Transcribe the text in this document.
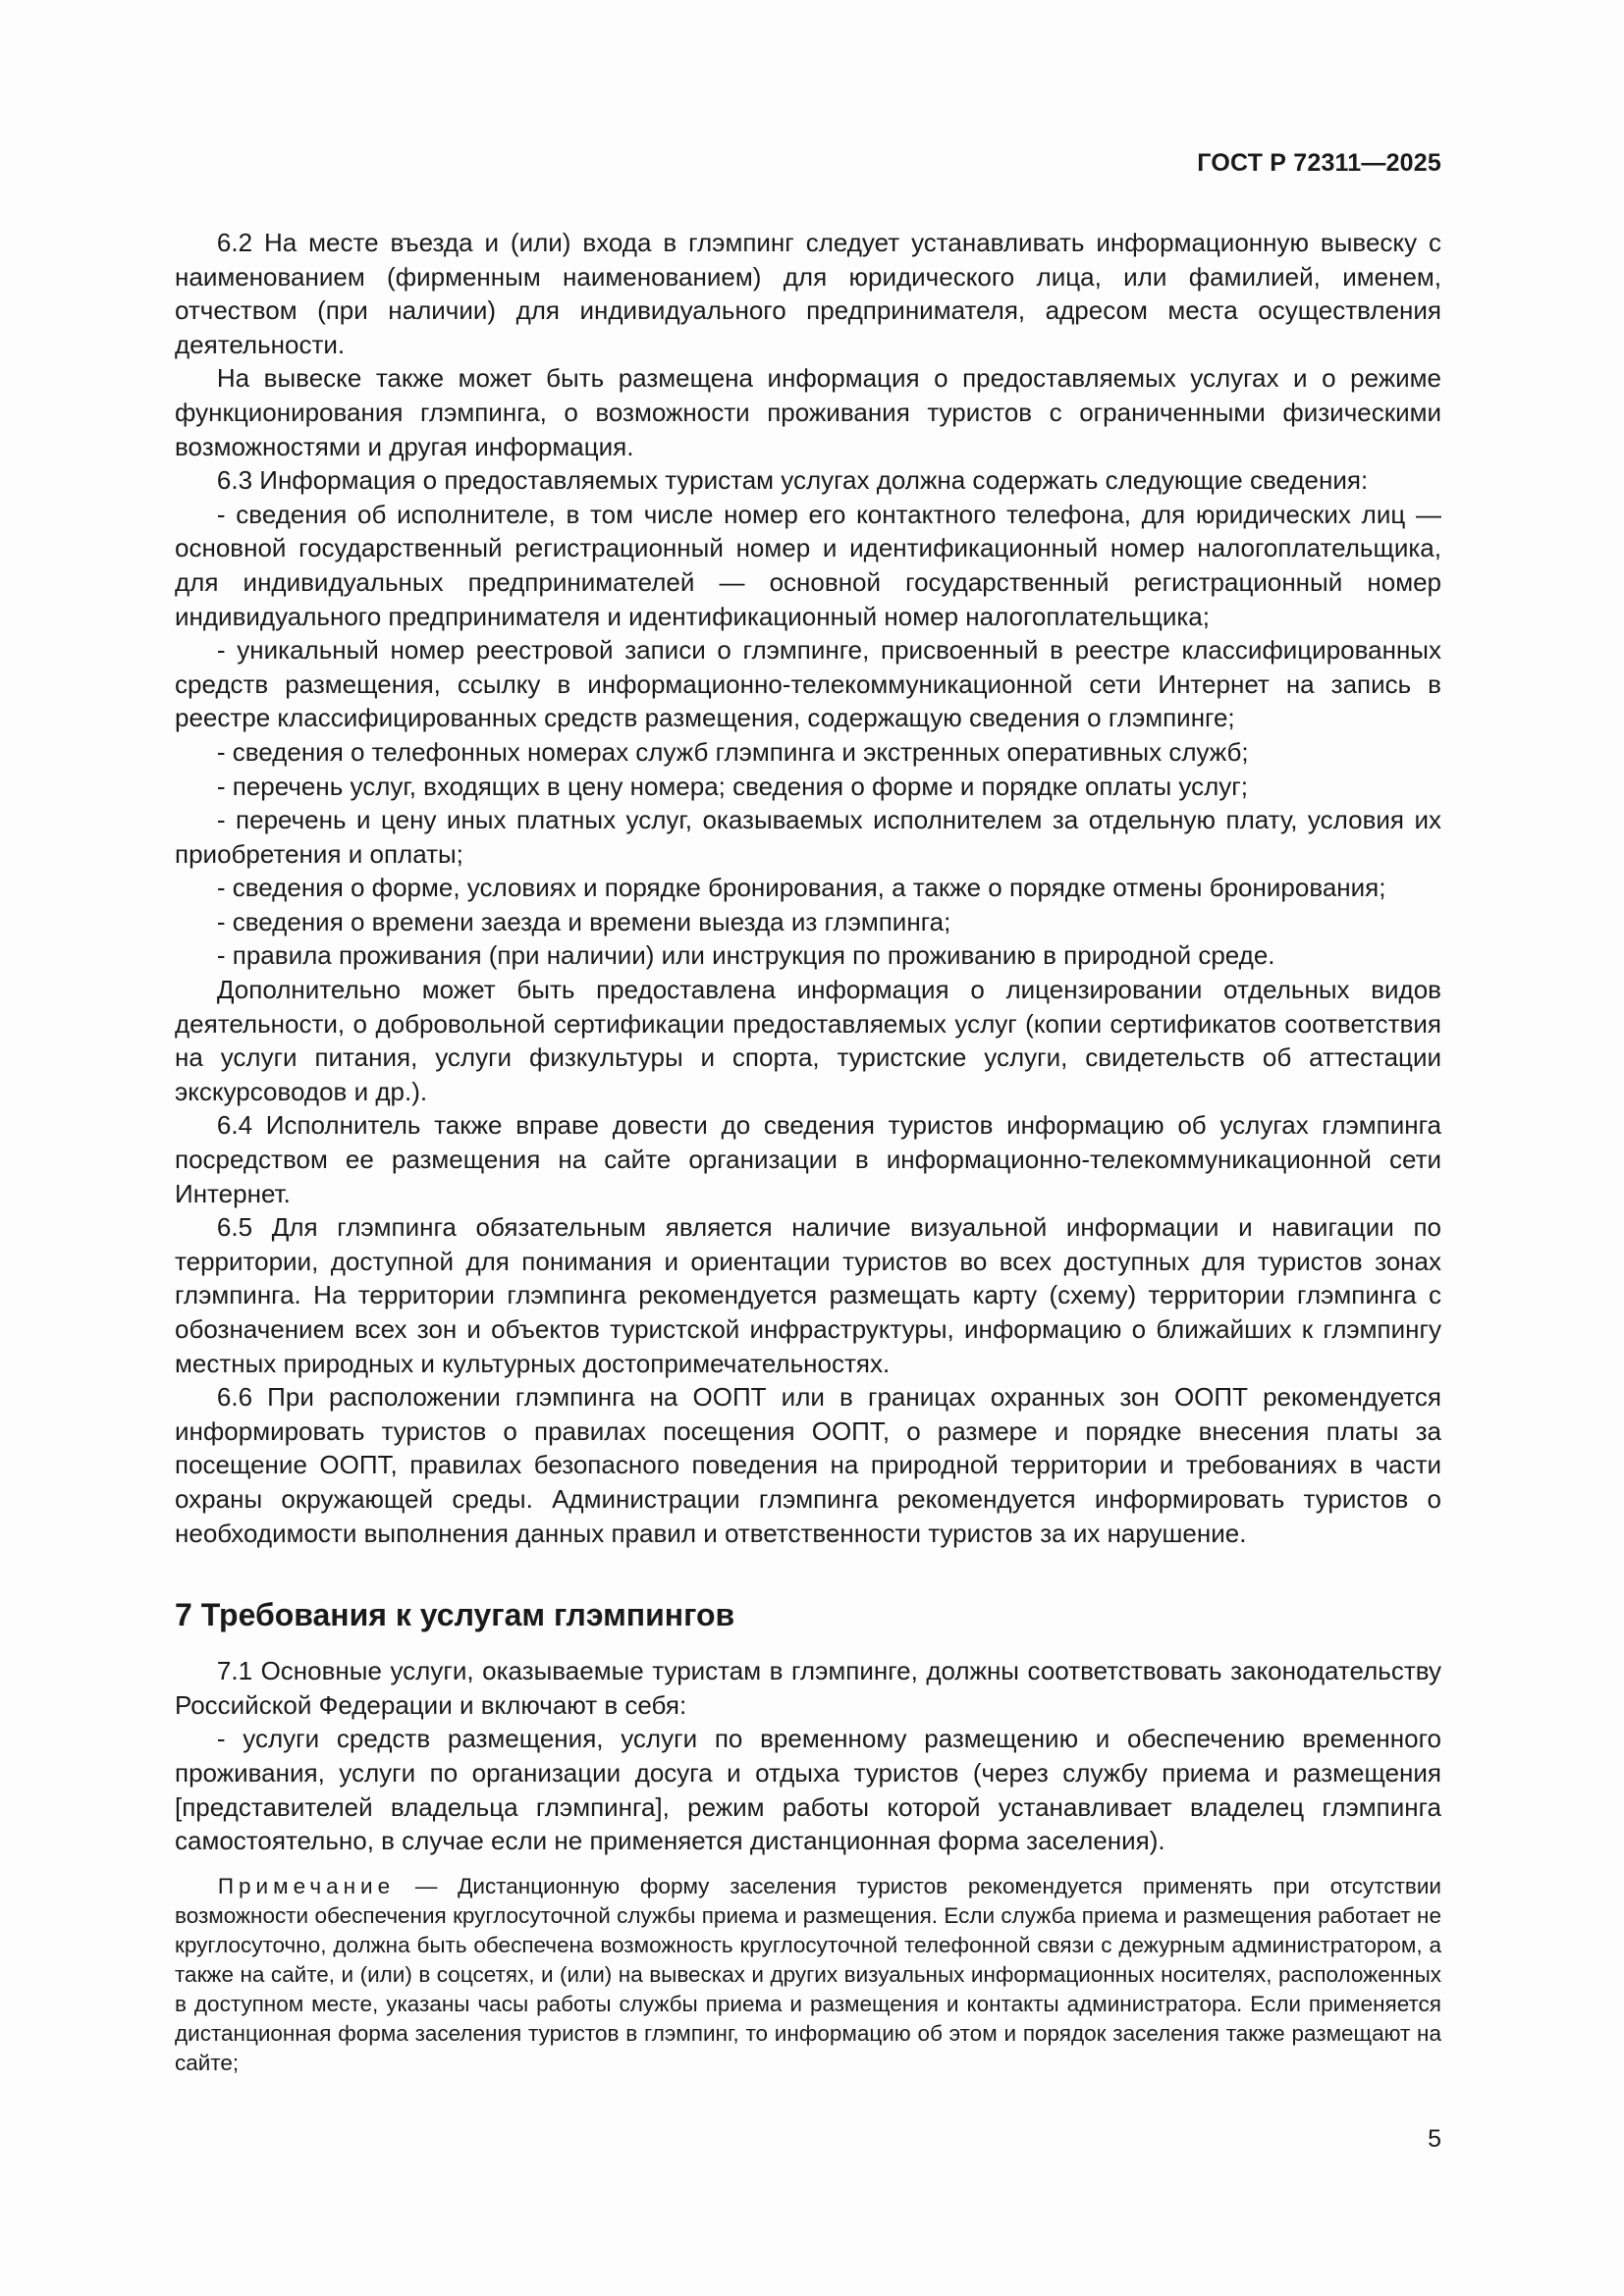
ГОСТ Р 72311—2025

6.2 На месте въезда и (или) входа в глэмпинг следует устанавливать информационную вывеску с наименованием (фирменным наименованием) для юридического лица, или фамилией, именем, отчеством (при наличии) для индивидуального предпринимателя, адресом места осуществления деятельности.

На вывеске также может быть размещена информация о предоставляемых услугах и о режиме функционирования глэмпинга, о возможности проживания туристов с ограниченными физическими возможностями и другая информация.

6.3 Информация о предоставляемых туристам услугах должна содержать следующие сведения:

- сведения об исполнителе, в том числе номер его контактного телефона, для юридических лиц — основной государственный регистрационный номер и идентификационный номер налогоплательщика, для индивидуальных предпринимателей — основной государственный регистрационный номер индивидуального предпринимателя и идентификационный номер налогоплательщика;

- уникальный номер реестровой записи о глэмпинге, присвоенный в реестре классифицированных средств размещения, ссылку в информационно-телекоммуникационной сети Интернет на запись в реестре классифицированных средств размещения, содержащую сведения о глэмпинге;

- сведения о телефонных номерах служб глэмпинга и экстренных оперативных служб;

- перечень услуг, входящих в цену номера; сведения о форме и порядке оплаты услуг;

- перечень и цену иных платных услуг, оказываемых исполнителем за отдельную плату, условия их приобретения и оплаты;

- сведения о форме, условиях и порядке бронирования, а также о порядке отмены бронирования;

- сведения о времени заезда и времени выезда из глэмпинга;

- правила проживания (при наличии) или инструкция по проживанию в природной среде.

Дополнительно может быть предоставлена информация о лицензировании отдельных видов деятельности, о добровольной сертификации предоставляемых услуг (копии сертификатов соответствия на услуги питания, услуги физкультуры и спорта, туристские услуги, свидетельств об аттестации экскурсоводов и др.).

6.4 Исполнитель также вправе довести до сведения туристов информацию об услугах глэмпинга посредством ее размещения на сайте организации в информационно-телекоммуникационной сети Интернет.

6.5 Для глэмпинга обязательным является наличие визуальной информации и навигации по территории, доступной для понимания и ориентации туристов во всех доступных для туристов зонах глэмпинга. На территории глэмпинга рекомендуется размещать карту (схему) территории глэмпинга с обозначением всех зон и объектов туристской инфраструктуры, информацию о ближайших к глэмпингу местных природных и культурных достопримечательностях.

6.6 При расположении глэмпинга на ООПТ или в границах охранных зон ООПТ рекомендуется информировать туристов о правилах посещения ООПТ, о размере и порядке внесения платы за посещение ООПТ, правилах безопасного поведения на природной территории и требованиях в части охраны окружающей среды. Администрации глэмпинга рекомендуется информировать туристов о необходимости выполнения данных правил и ответственности туристов за их нарушение.

7 Требования к услугам глэмпингов

7.1 Основные услуги, оказываемые туристам в глэмпинге, должны соответствовать законодательству Российской Федерации и включают в себя:

- услуги средств размещения, услуги по временному размещению и обеспечению временного проживания, услуги по организации досуга и отдыха туристов (через службу приема и размещения [представителей владельца глэмпинга], режим работы которой устанавливает владелец глэмпинга самостоятельно, в случае если не применяется дистанционная форма заселения).

Примечание — Дистанционную форму заселения туристов рекомендуется применять при отсутствии возможности обеспечения круглосуточной службы приема и размещения. Если служба приема и размещения работает не круглосуточно, должна быть обеспечена возможность круглосуточной телефонной связи с дежурным администратором, а также на сайте, и (или) в соцсетях, и (или) на вывесках и других визуальных информационных носителях, расположенных в доступном месте, указаны часы работы службы приема и размещения и контакты администратора. Если применяется дистанционная форма заселения туристов в глэмпинг, то информацию об этом и порядок заселения также размещают на сайте;
5
